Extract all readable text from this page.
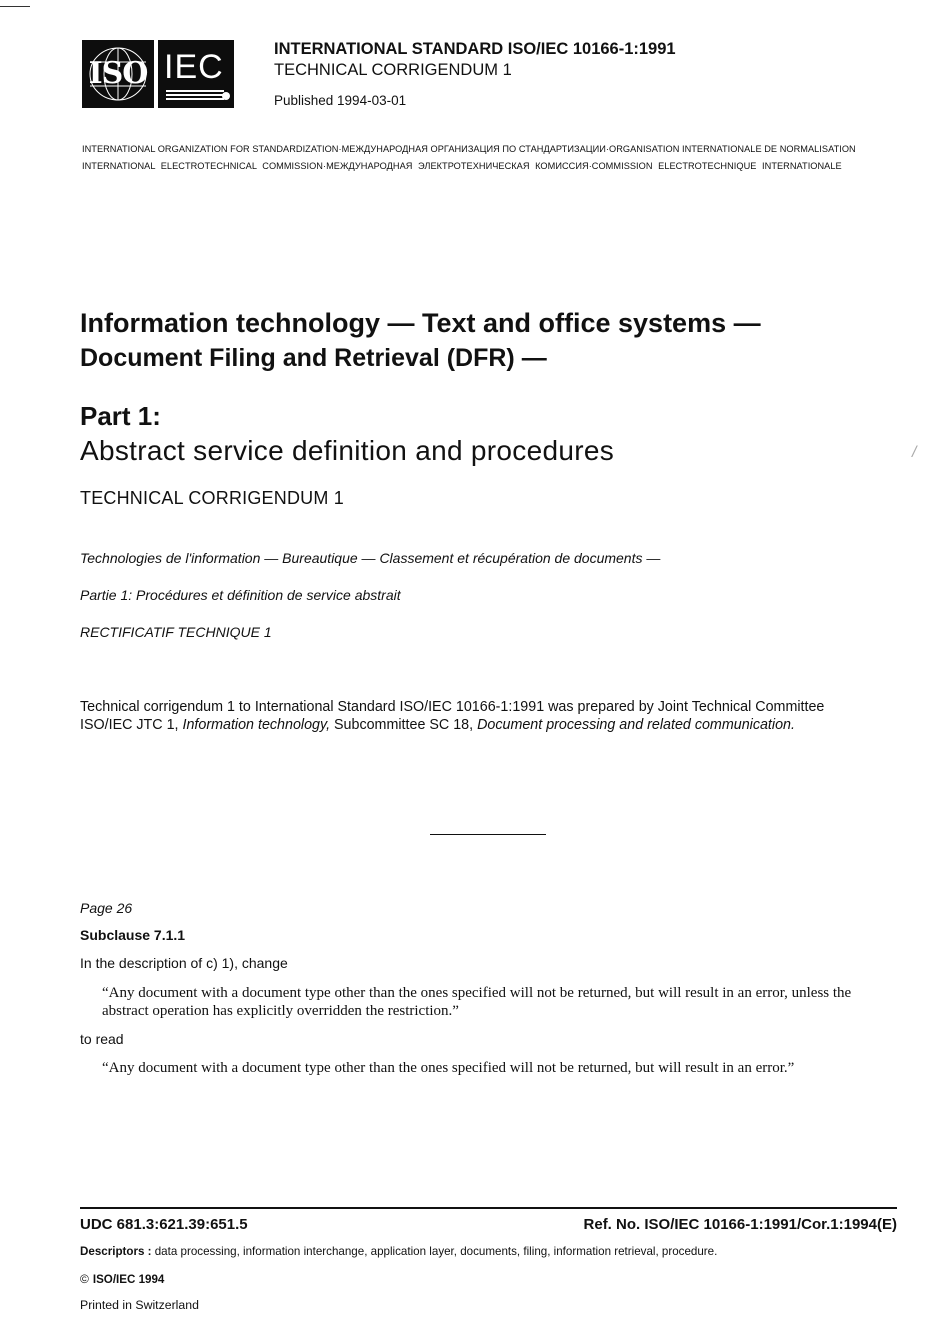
ISO IEC	INTERNATIONAL STANDARD ISO/IEC 10166-1:1991
TECHNICAL CORRIGENDUM 1
Published 1994-03-01
INTERNATIONAL ORGANIZATION FOR STANDARDIZATION·МЕЖДУНАРОДНАЯ ОРГАНИЗАЦИЯ ПО СТАНДАРТИЗАЦИИ·ORGANISATION INTERNATIONALE DE NORMALISATION
INTERNATIONAL ELECTROTECHNICAL COMMISSION·МЕЖДУНАРОДНАЯ ЭЛЕКТРОТЕХНИЧЕСКАЯ КОМИССИЯ·COMMISSION ELECTROTECHNIQUE INTERNATIONALE
Information technology — Text and office systems —
Document Filing and Retrieval (DFR) —
Part 1:
Abstract service definition and procedures
TECHNICAL CORRIGENDUM 1
/
Technologies de l'information — Bureautique — Classement et récupération de documents —
Partie 1: Procédures et définition de service abstrait
RECTIFICATIF TECHNIQUE 1
Technical corrigendum 1 to International Standard ISO/IEC 10166-1:1991 was prepared by Joint Technical Committee ISO/IEC JTC 1, Information technology, Subcommittee SC 18, Document processing and related communication.
Page 26
Subclause 7.1.1
In the description of c) 1), change
“Any document with a document type other than the ones specified will not be returned, but will result in an error, unless the abstract operation has explicitly overridden the restriction.”
to read
“Any document with a document type other than the ones specified will not be returned, but will result in an error.”
UDC 681.3:621.39:651.5	Ref. No. ISO/IEC 10166-1:1991/Cor.1:1994(E)
Descriptors : data processing, information interchange, application layer, documents, filing, information retrieval, procedure.
© ISO/IEC 1994
Printed in Switzerland
